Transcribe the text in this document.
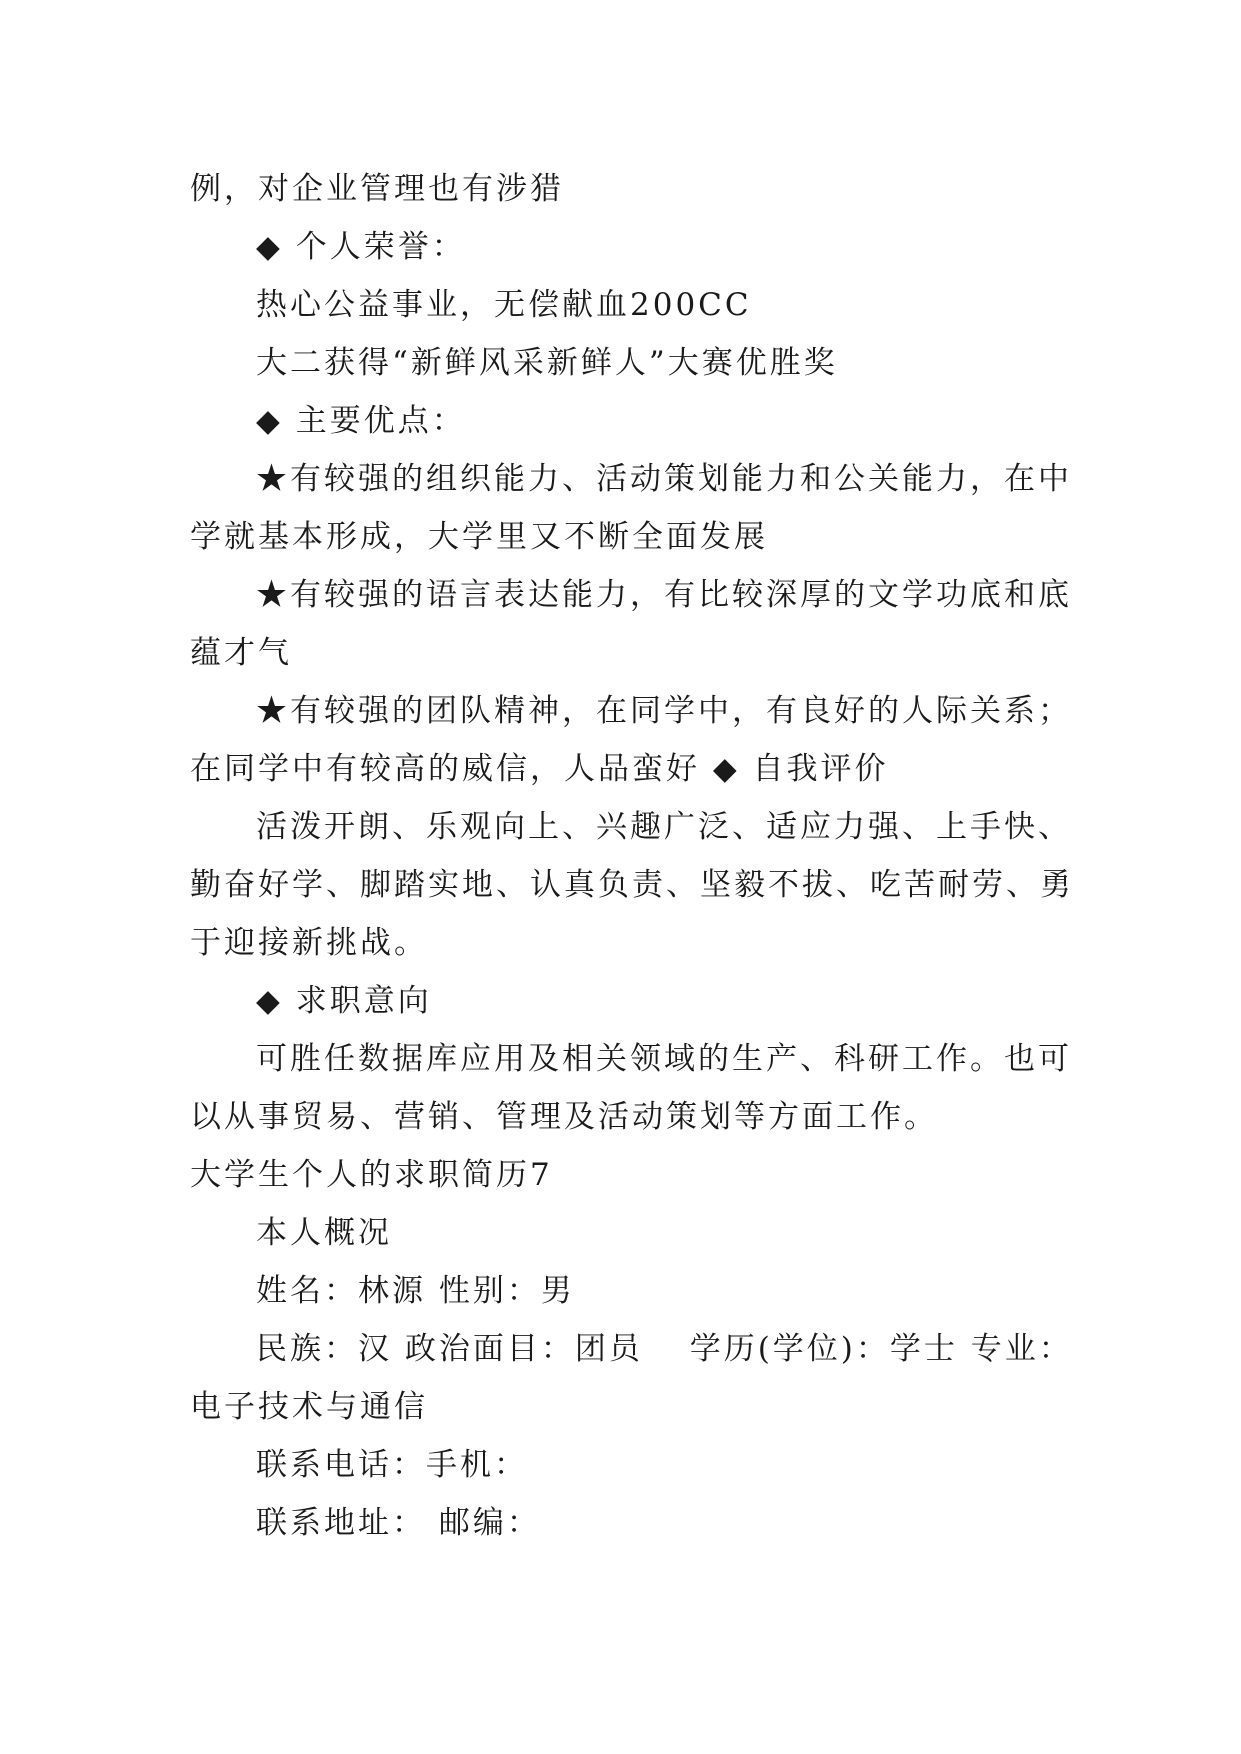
例，对企业管理也有涉猎
◆ 个人荣誉：
热心公益事业，无偿献血200CC
大二获得“新鲜风采新鲜人”大赛优胜奖
◆ 主要优点：
★有较强的组织能力、活动策划能力和公关能力，在中
学就基本形成，大学里又不断全面发展
★有较强的语言表达能力，有比较深厚的文学功底和底
蕴才气
★有较强的团队精神，在同学中，有良好的人际关系；
在同学中有较高的威信，人品蛮好 ◆ 自我评价
活泼开朗、乐观向上、兴趣广泛、适应力强、上手快、
勤奋好学、脚踏实地、认真负责、坚毅不拔、吃苦耐劳、勇
于迎接新挑战。
◆ 求职意向
可胜任数据库应用及相关领域的生产、科研工作。也可
以从事贸易、营销、管理及活动策划等方面工作。
大学生个人的求职简历7
本人概况
姓名：林源 性别：男
民族：汉 政治面目：团员　 学历(学位)：学士 专业：
电子技术与通信
联系电话：手机：
联系地址： 邮编：
